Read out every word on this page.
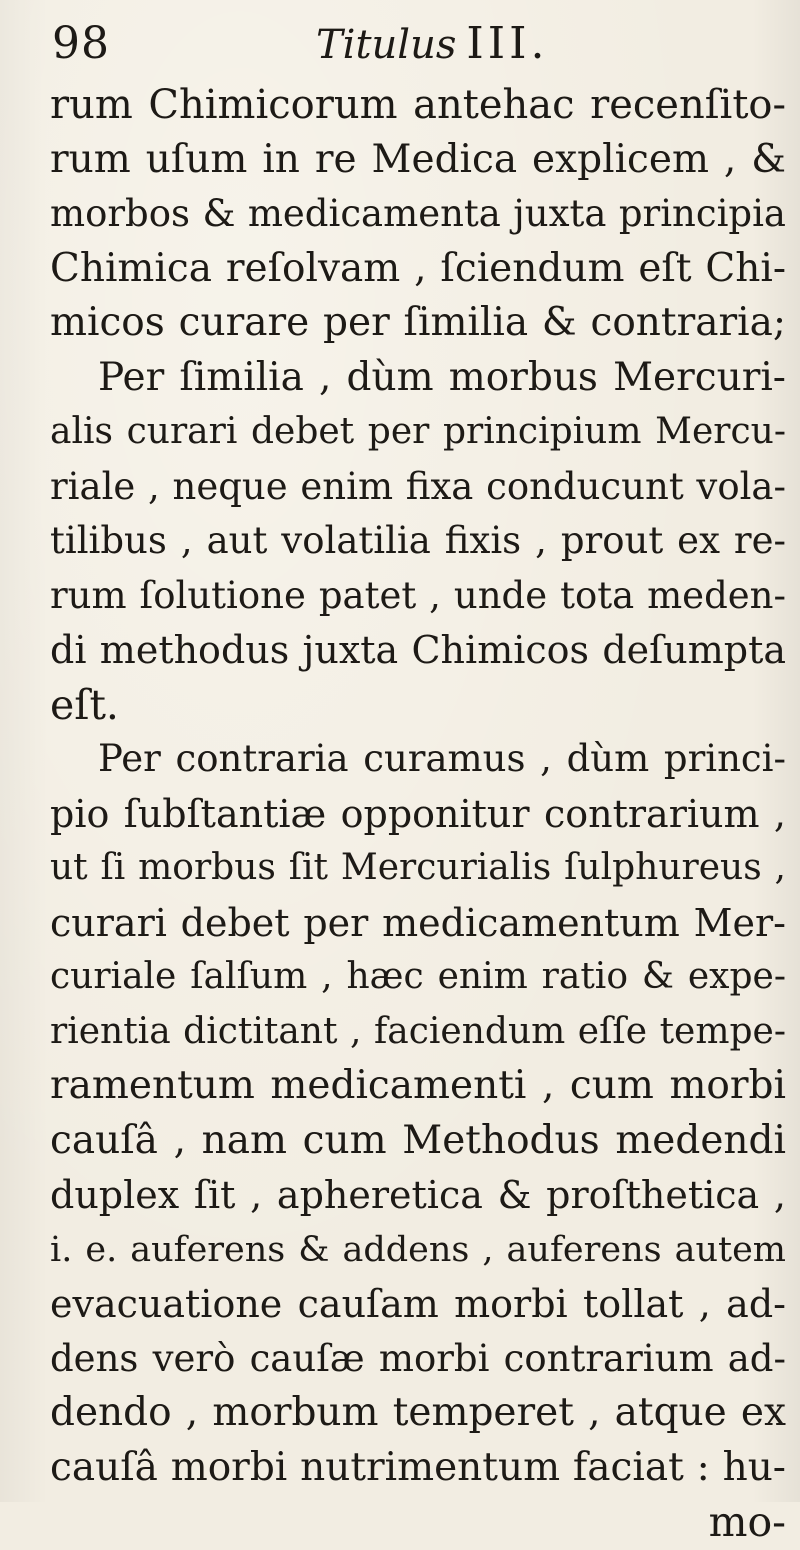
98	Titulus III.
rum Chimicorum antehac recenſito-
rum uſum in re Medica explicem , &
morbos & medicamenta juxta principia
Chimica reſolvam , ſciendum eſt Chi-
micos curare per ſimilia & contraria;
Per ſimilia , dùm morbus Mercuri-
alis curari debet per principium Mercu-
riale , neque enim fixa conducunt vola-
tilibus , aut volatilia fixis , prout ex re-
rum ſolutione patet , unde tota meden-
di methodus juxta Chimicos deſumpta
eſt.
Per contraria curamus , dùm princi-
pio ſubſtantiæ opponitur contrarium ,
ut ſi morbus ſit Mercurialis ſulphureus ,
curari debet per medicamentum Mer-
curiale ſalſum , hæc enim ratio & expe-
rientia dictitant , faciendum eſſe tempe-
ramentum medicamenti , cum morbi
cauſâ , nam cum Methodus medendi
duplex ſit , apheretica & proſthetica ,
i. e. auferens & addens , auferens autem
evacuatione cauſam morbi tollat , ad-
dens verò cauſæ morbi contrarium ad-
dendo , morbum temperet , atque ex
cauſâ morbi nutrimentum faciat : hu-
mo-
